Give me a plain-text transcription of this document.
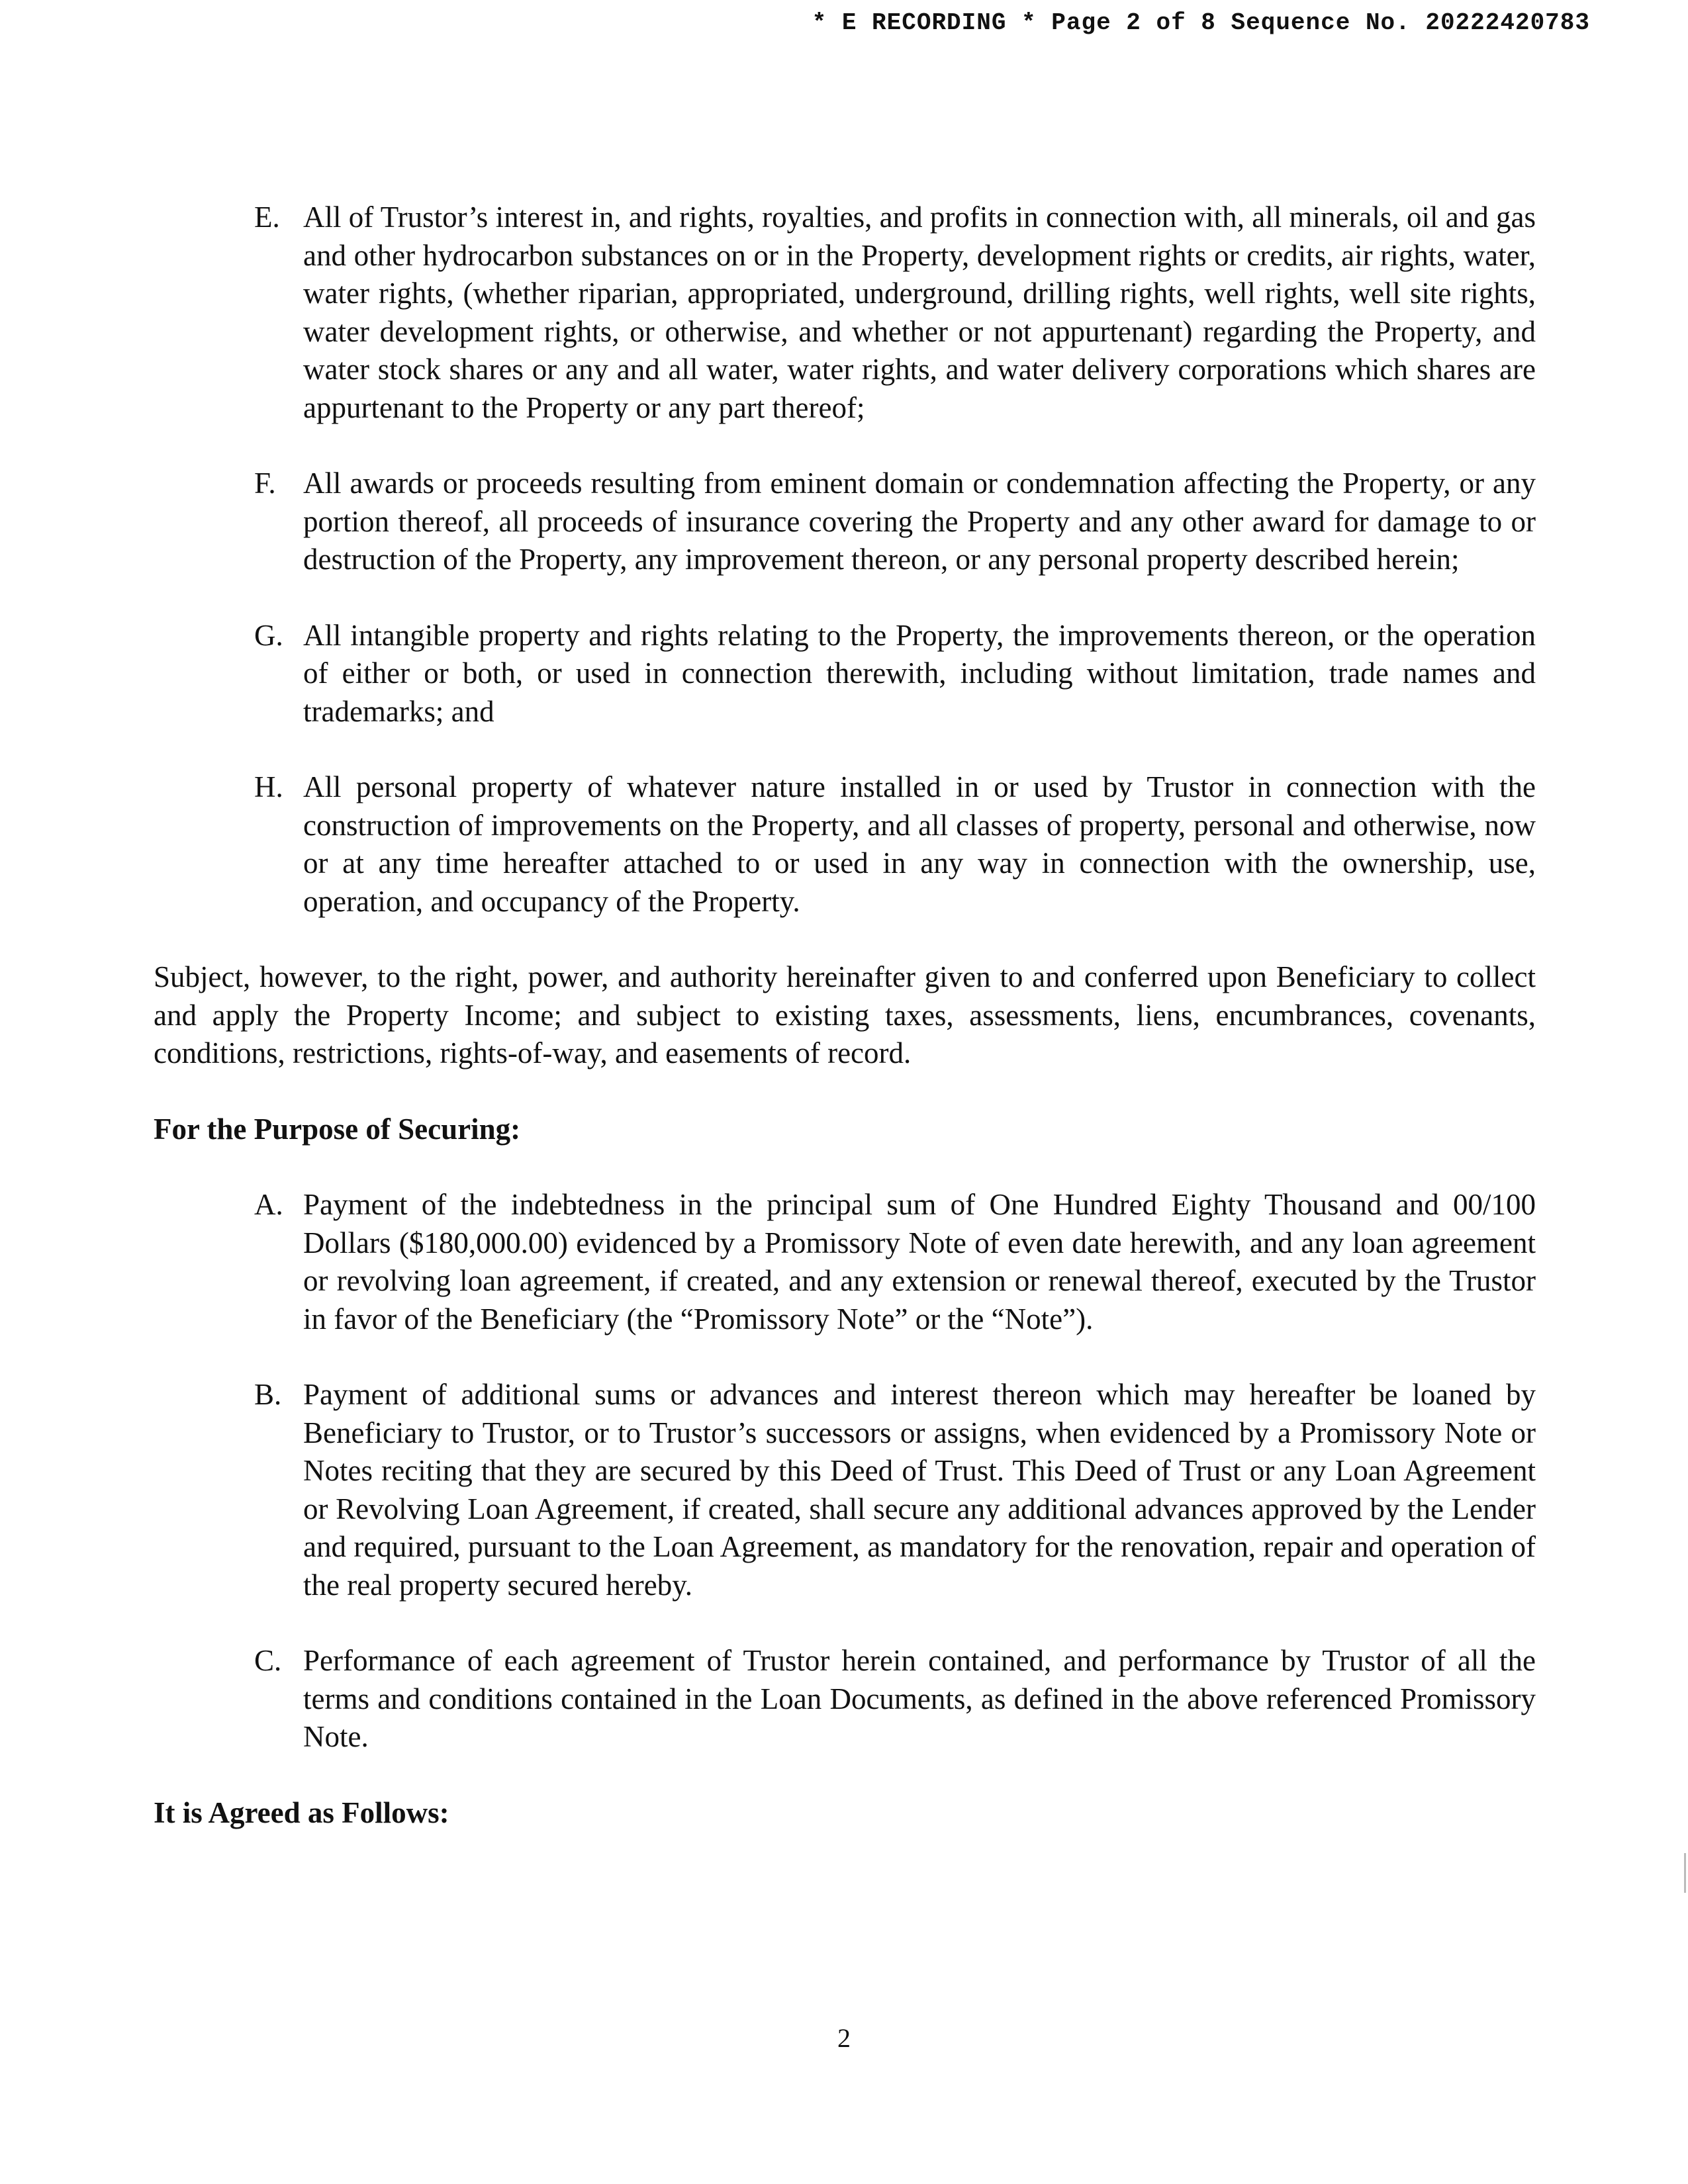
* E RECORDING * Page 2 of 8 Sequence No. 20222420783
E. All of Trustor’s interest in, and rights, royalties, and profits in connection with, all minerals, oil and gas and other hydrocarbon substances on or in the Property, development rights or credits, air rights, water, water rights, (whether riparian, appropriated, underground, drilling rights, well rights, well site rights, water development rights, or otherwise, and whether or not appurtenant) regarding the Property, and water stock shares or any and all water, water rights, and water delivery corporations which shares are appurtenant to the Property or any part thereof;
F. All awards or proceeds resulting from eminent domain or condemnation affecting the Property, or any portion thereof, all proceeds of insurance covering the Property and any other award for damage to or destruction of the Property, any improvement thereon, or any personal property described herein;
G. All intangible property and rights relating to the Property, the improvements thereon, or the operation of either or both, or used in connection therewith, including without limitation, trade names and trademarks; and
H. All personal property of whatever nature installed in or used by Trustor in connection with the construction of improvements on the Property, and all classes of property, personal and otherwise, now or at any time hereafter attached to or used in any way in connection with the ownership, use, operation, and occupancy of the Property.

Subject, however, to the right, power, and authority hereinafter given to and conferred upon Beneficiary to collect and apply the Property Income; and subject to existing taxes, assessments, liens, encumbrances, covenants, conditions, restrictions, rights-of-way, and easements of record.

For the Purpose of Securing:

A. Payment of the indebtedness in the principal sum of One Hundred Eighty Thousand and 00/100 Dollars ($180,000.00) evidenced by a Promissory Note of even date herewith, and any loan agreement or revolving loan agreement, if created, and any extension or renewal thereof, executed by the Trustor in favor of the Beneficiary (the “Promissory Note” or the “Note”).
B. Payment of additional sums or advances and interest thereon which may hereafter be loaned by Beneficiary to Trustor, or to Trustor’s successors or assigns, when evidenced by a Promissory Note or Notes reciting that they are secured by this Deed of Trust. This Deed of Trust or any Loan Agreement or Revolving Loan Agreement, if created, shall secure any additional advances approved by the Lender and required, pursuant to the Loan Agreement, as mandatory for the renovation, repair and operation of the real property secured hereby.
C. Performance of each agreement of Trustor herein contained, and performance by Trustor of all the terms and conditions contained in the Loan Documents, as defined in the above referenced Promissory Note.

It is Agreed as Follows:

2
